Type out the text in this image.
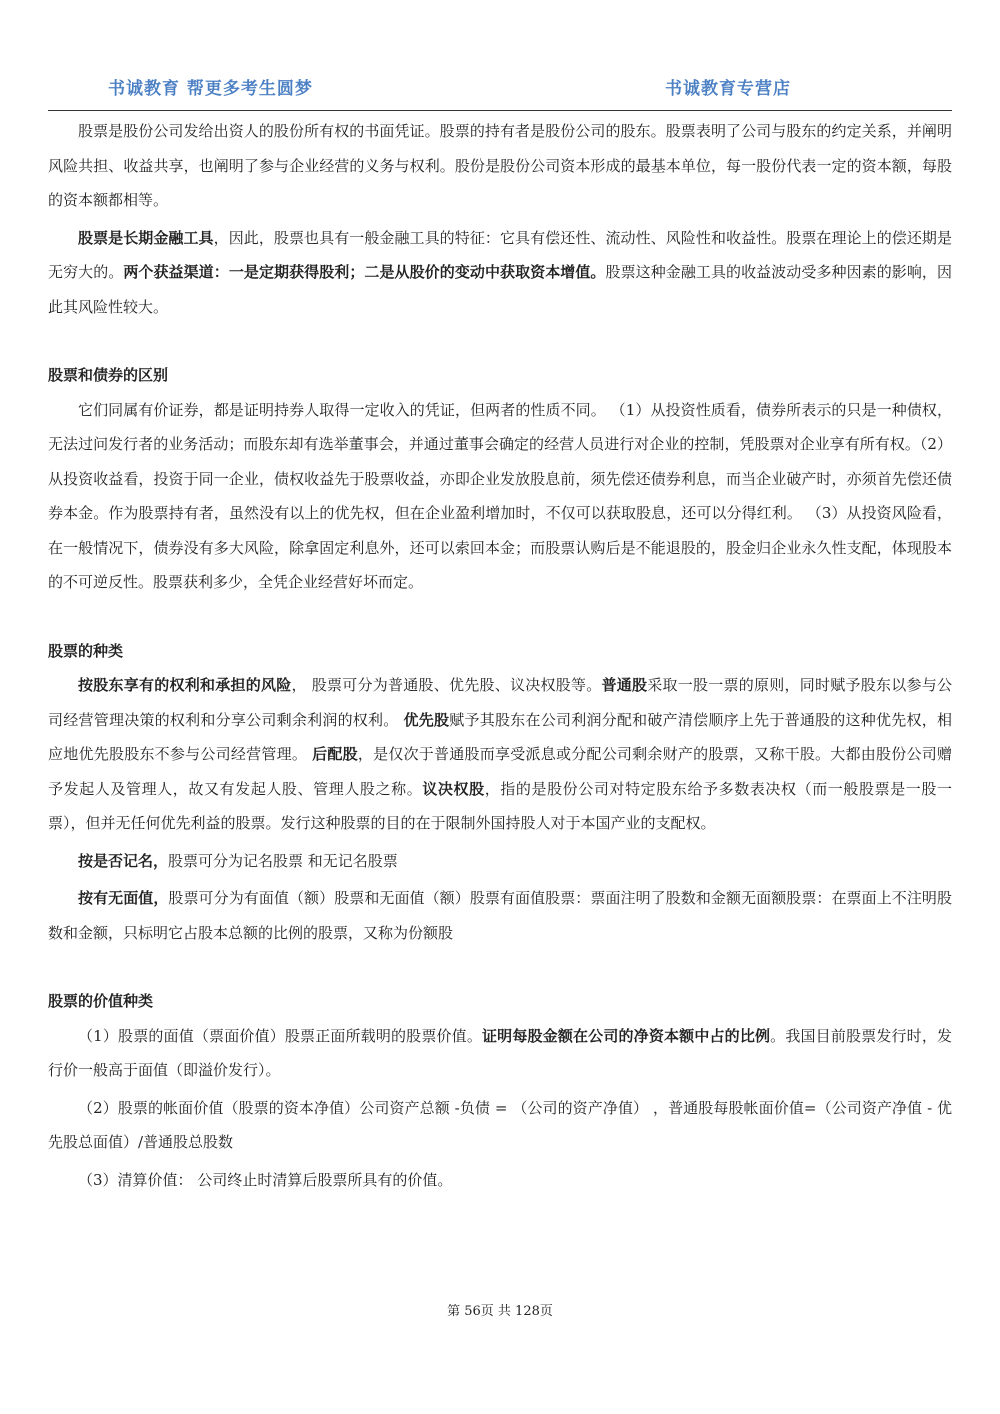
书诚教育 帮更多考生圆梦	书诚教育专营店

股票是股份公司发给出资人的股份所有权的书面凭证。股票的持有者是股份公司的股东。股票表明了公司与股东的约定关系，并阐明风险共担、收益共享，也阐明了参与企业经营的义务与权利。股份是股份公司资本形成的最基本单位，每一股份代表一定的资本额，每股的资本额都相等。

股票是长期金融工具，因此，股票也具有一般金融工具的特征：它具有偿还性、流动性、风险性和收益性。股票在理论上的偿还期是无穷大的。两个获益渠道：一是定期获得股利；二是从股价的变动中获取资本增值。股票这种金融工具的收益波动受多种因素的影响，因此其风险性较大。

股票和债券的区别

它们同属有价证券，都是证明持券人取得一定收入的凭证，但两者的性质不同。 （1）从投资性质看，债券所表示的只是一种债权，无法过问发行者的业务活动；而股东却有选举董事会，并通过董事会确定的经营人员进行对企业的控制，凭股票对企业享有所有权。（2）从投资收益看，投资于同一企业，债权收益先于股票收益，亦即企业发放股息前，须先偿还债券利息，而当企业破产时，亦须首先偿还债券本金。作为股票持有者，虽然没有以上的优先权，但在企业盈利增加时，不仅可以获取股息，还可以分得红利。 （3）从投资风险看，在一般情况下，债券没有多大风险，除拿固定利息外，还可以索回本金；而股票认购后是不能退股的，股金归企业永久性支配，体现股本的不可逆反性。股票获利多少，全凭企业经营好坏而定。

股票的种类

按股东享有的权利和承担的风险， 股票可分为普通股、优先股、议决权股等。普通股采取一股一票的原则，同时赋予股东以参与公司经营管理决策的权利和分享公司剩余利润的权利。 优先股赋予其股东在公司利润分配和破产清偿顺序上先于普通股的这种优先权，相应地优先股股东不参与公司经营管理。 后配股，是仅次于普通股而享受派息或分配公司剩余财产的股票，又称干股。大都由股份公司赠予发起人及管理人，故又有发起人股、管理人股之称。议决权股，指的是股份公司对特定股东给予多数表决权（而一般股票是一股一票），但并无任何优先利益的股票。发行这种股票的目的在于限制外国持股人对于本国产业的支配权。

按是否记名，股票可分为记名股票 和无记名股票

按有无面值，股票可分为有面值（额）股票和无面值（额）股票有面值股票：票面注明了股数和金额无面额股票：在票面上不注明股数和金额，只标明它占股本总额的比例的股票，又称为份额股

股票的价值种类

（1）股票的面值（票面价值）股票正面所载明的股票价值。证明每股金额在公司的净资本额中占的比例。我国目前股票发行时，发行价一般高于面值（即溢价发行）。

（2）股票的帐面价值（股票的资本净值）公司资产总额 -负债 = （公司的资产净值） ，普通股每股帐面价值=（公司资产净值 - 优先股总面值）/普通股总股数

（3）清算价值： 公司终止时清算后股票所具有的价值。

第 56页 共 128页
